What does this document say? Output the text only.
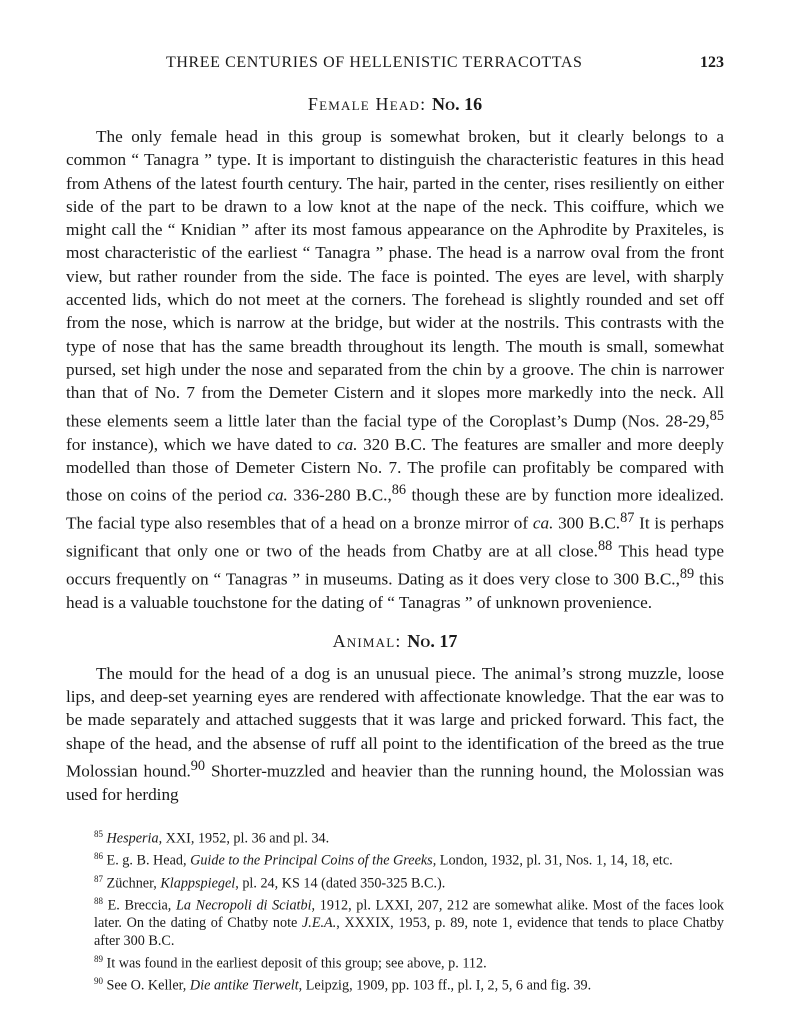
THREE CENTURIES OF HELLENISTIC TERRACOTTAS	123
Female Head: No. 16

The only female head in this group is somewhat broken, but it clearly belongs to a common “ Tanagra ” type. It is important to distinguish the characteristic features in this head from Athens of the latest fourth century. The hair, parted in the center, rises resiliently on either side of the part to be drawn to a low knot at the nape of the neck. This coiffure, which we might call the “ Knidian ” after its most famous appearance on the Aphrodite by Praxiteles, is most characteristic of the earliest “ Tanagra ” phase. The head is a narrow oval from the front view, but rather rounder from the side. The face is pointed. The eyes are level, with sharply accented lids, which do not meet at the corners. The forehead is slightly rounded and set off from the nose, which is narrow at the bridge, but wider at the nostrils. This contrasts with the type of nose that has the same breadth throughout its length. The mouth is small, somewhat pursed, set high under the nose and separated from the chin by a groove. The chin is narrower than that of No. 7 from the Demeter Cistern and it slopes more markedly into the neck. All these elements seem a little later than the facial type of the Coroplast’s Dump (Nos. 28-29,85 for instance), which we have dated to ca. 320 B.C. The features are smaller and more deeply modelled than those of Demeter Cistern No. 7. The profile can profitably be compared with those on coins of the period ca. 336-280 B.C.,$^{86}$ though these are by function more idealized. The facial type also resembles that of a head on a bronze mirror of ca. 300 B.C.$^{87}$ It is perhaps significant that only one or two of the heads from Chatby are at all close.$^{88}$ This head type occurs frequently on “ Tanagras ” in museums. Dating as it does very close to 300 B.C.,$^{89}$ this head is a valuable touchstone for the dating of “ Tanagras ” of unknown provenience.

Animal: No. 17

The mould for the head of a dog is an unusual piece. The animal’s strong muzzle, loose lips, and deep-set yearning eyes are rendered with affectionate knowledge. That the ear was to be made separately and attached suggests that it was large and pricked forward. This fact, the shape of the head, and the absense of ruff all point to the identification of the breed as the true Molossian hound.$^{90}$ Shorter-muzzled and heavier than the running hound, the Molossian was used for herding

$^{85}$ Hesperia, XXI, 1952, pl. 36 and pl. 34.
$^{86}$ E. g. B. Head, Guide to the Principal Coins of the Greeks, London, 1932, pl. 31, Nos. 1, 14, 18, etc.
$^{87}$ Züchner, Klappspiegel, pl. 24, KS 14 (dated 350-325 B.C.).
$^{88}$ E. Breccia, La Necropoli di Sciatbi, 1912, pl. LXXI, 207, 212 are somewhat alike. Most of the faces look later. On the dating of Chatby note J.E.A., XXXIX, 1953, p. 89, note 1, evidence that tends to place Chatby after 300 B.C.
$^{89}$ It was found in the earliest deposit of this group; see above, p. 112.
$^{90}$ See O. Keller, Die antike Tierwelt, Leipzig, 1909, pp. 103 ff., pl. I, 2, 5, 6 and fig. 39.
